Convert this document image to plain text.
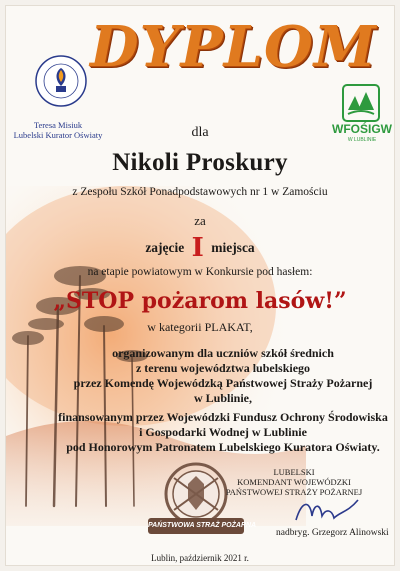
Teresa Misiuk
Lubelski Kurator Oświaty	WFOŚIGW
W LUBLINIE
DYPLOM
dla
Nikoli Proskury
z Zespołu Szkół Ponadpodstawowych nr 1 w Zamościu
za
zajęcie I miejsca
na etapie powiatowym w Konkursie pod hasłem:
„STOP pożarom lasów!”
w kategorii PLAKAT,
organizowanym dla uczniów szkół średnich
z terenu województwa lubelskiego
przez Komendę Wojewódzką Państwowej Straży Pożarnej
w Lublinie,
finansowanym przez Wojewódzki Fundusz Ochrony Środowiska
i Gospodarki Wodnej w Lublinie
pod Honorowym Patronatem Lubelskiego Kuratora Oświaty.
PAŃSTWOWA STRAŻ POŻARNA
LUBELSKI
KOMENDANT WOJEWÓDZKI
PAŃSTWOWEJ STRAŻY POŻARNEJ
nadbryg. Grzegorz Alinowski
Lublin, październik 2021 r.
